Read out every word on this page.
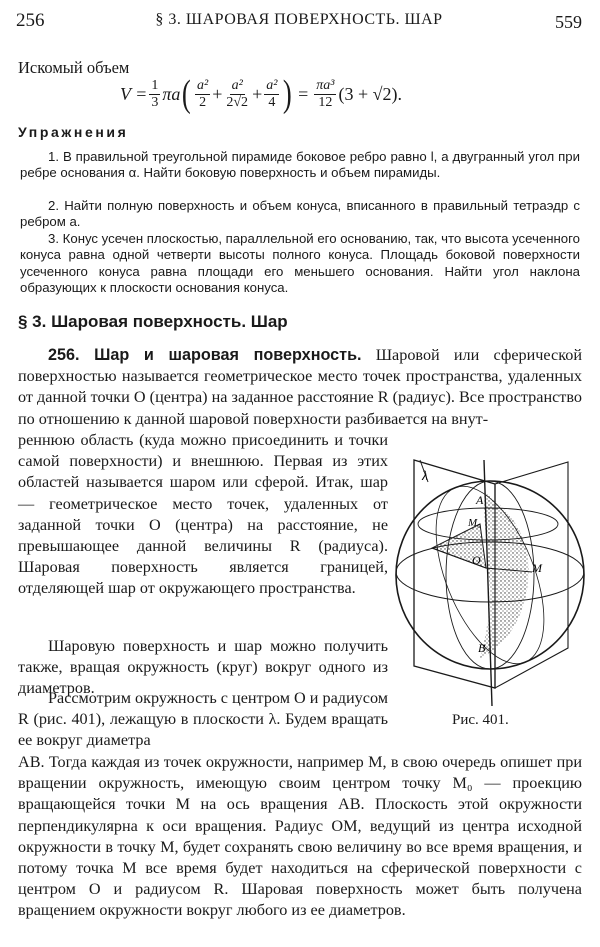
256	§ 3. ШАРОВАЯ ПОВЕРХНОСТЬ. ШАР	559
Искомый объем
$V = \frac{1}{3}$ πa ( $\frac{\text{a²}}{2} + \frac{\text{a²}}{2√2} + \frac{\text{a²}}{4}$ ) = $\frac{\text{πa³}}{12} (3 + √2)$.
Упражнения
1. В правильной треугольной пирамиде боковое ребро равно l, а двугранный угол при ребре основания α. Найти боковую поверхность и объем пирамиды.
2. Найти полную поверхность и объем конуса, вписанного в правильный тетраэдр с ребром a.
3. Конус усечен плоскостью, параллельной его основанию, так, что высота усеченного конуса равна одной четверти высоты полного конуса. Площадь боковой поверхности усеченного конуса равна площади его меньшего основания. Найти угол наклона образующих к плоскости основания конуса.
§ 3. Шаровая поверхность. Шар
256. Шар и шаровая поверхность. Шаровой или сферической поверхностью называется геометрическое место точек пространства, удаленных от данной точки O (центра) на заданное расстояние R (радиус). Все пространство по отношению к данной шаровой поверхности разбивается на внут-
реннюю область (куда можно присоединить и точки самой поверхности) и внешнюю. Первая из этих областей называется шаром или сферой. Итак, шар — геометрическое место точек, удаленных от заданной точки O (центра) на расстояние, не превышающее данной величины R (радиуса). Шаровая поверхность является границей, отделяющей шар от окружающего пространства.
Шаровую поверхность и шар можно получить также, вращая окружность (круг) вокруг одного из диаметров.
Рассмотрим окружность с центром O и радиусом R (рис. 401), лежащую в плоскости λ. Будем вращать ее вокруг диаметра
AB. Тогда каждая из точек окружности, например M, в свою очередь опишет при вращении окружность, имеющую своим центром точку M₀ — проекцию вращающейся точки M на ось вращения AB. Плоскость этой окружности перпендикулярна к оси вращения. Радиус OM, ведущий из центра исходной окружности в точку M, будет сохранять свою величину во все время вращения, и потому точка M все время будет находиться на сферической поверхности с центром O и радиусом R. Шаровая поверхность может быть получена вращением окружности вокруг любого из ее диаметров.
λ
A
M₀
O
M
B
Рис. 401.
